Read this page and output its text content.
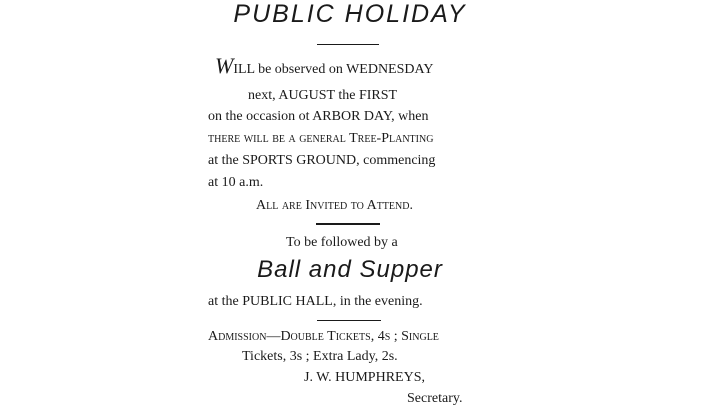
PUBLIC HOLIDAY
WILL be observed on WEDNESDAY
next, AUGUST the FIRST
on the occasion ot ARBOR DAY, when
there will be a general Tree-Planting
at the SPORTS GROUND, commencing
at 10 a.m.
All are Invited to Attend.
To be followed by a
Ball and Supper
at the PUBLIC HALL, in the evening.
Admission—Double Tickets, 4s ; Single
Tickets, 3s ; Extra Lady, 2s.
J. W. HUMPHREYS,
Secretary.
